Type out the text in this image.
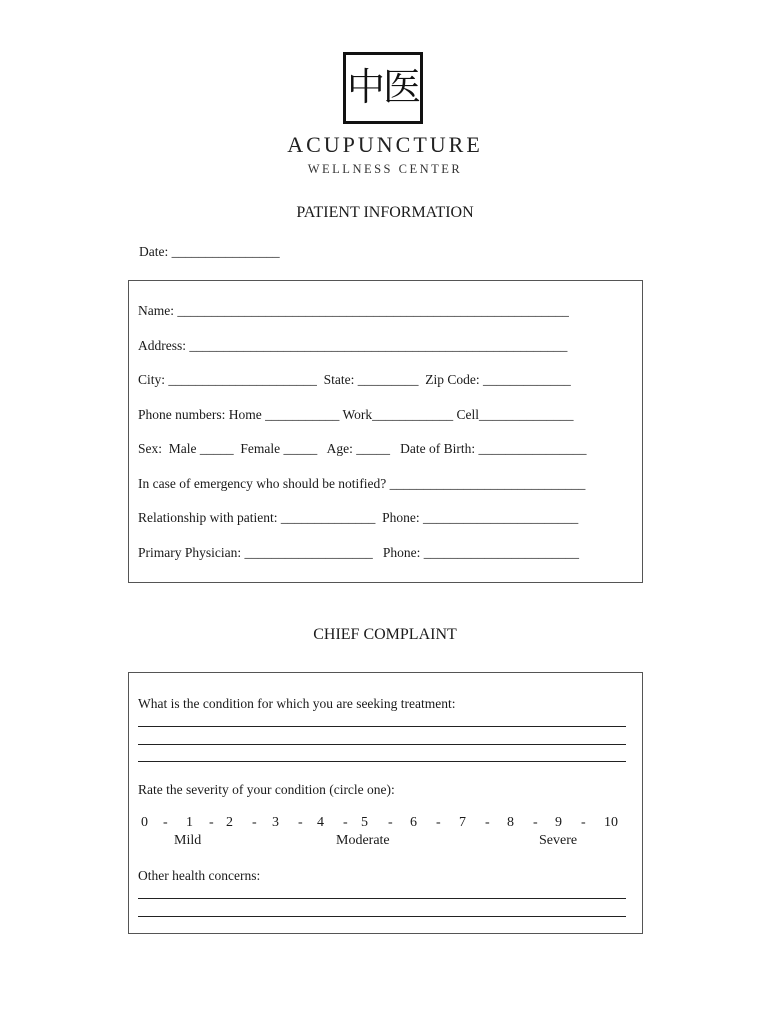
中医
ACUPUNCTURE
WELLNESS CENTER
PATIENT INFORMATION
Date: ________________
Name: __________________________________________________________
Address: ________________________________________________________
City: ______________________  State: _________  Zip Code: _____________
Phone numbers: Home ___________ Work____________ Cell______________
Sex:  Male _____  Female _____   Age: _____   Date of Birth: ________________
In case of emergency who should be notified? _____________________________
Relationship with patient: ______________  Phone: _______________________
Primary Physician: ___________________   Phone: _______________________
CHIEF COMPLAINT
What is the condition for which you are seeking treatment:
Rate the severity of your condition (circle one):
0 - 1 - 2 - 3 - 4 - 5 - 6 - 7 - 8 - 9 - 10
Mild	Moderate	Severe
Other health concerns:
